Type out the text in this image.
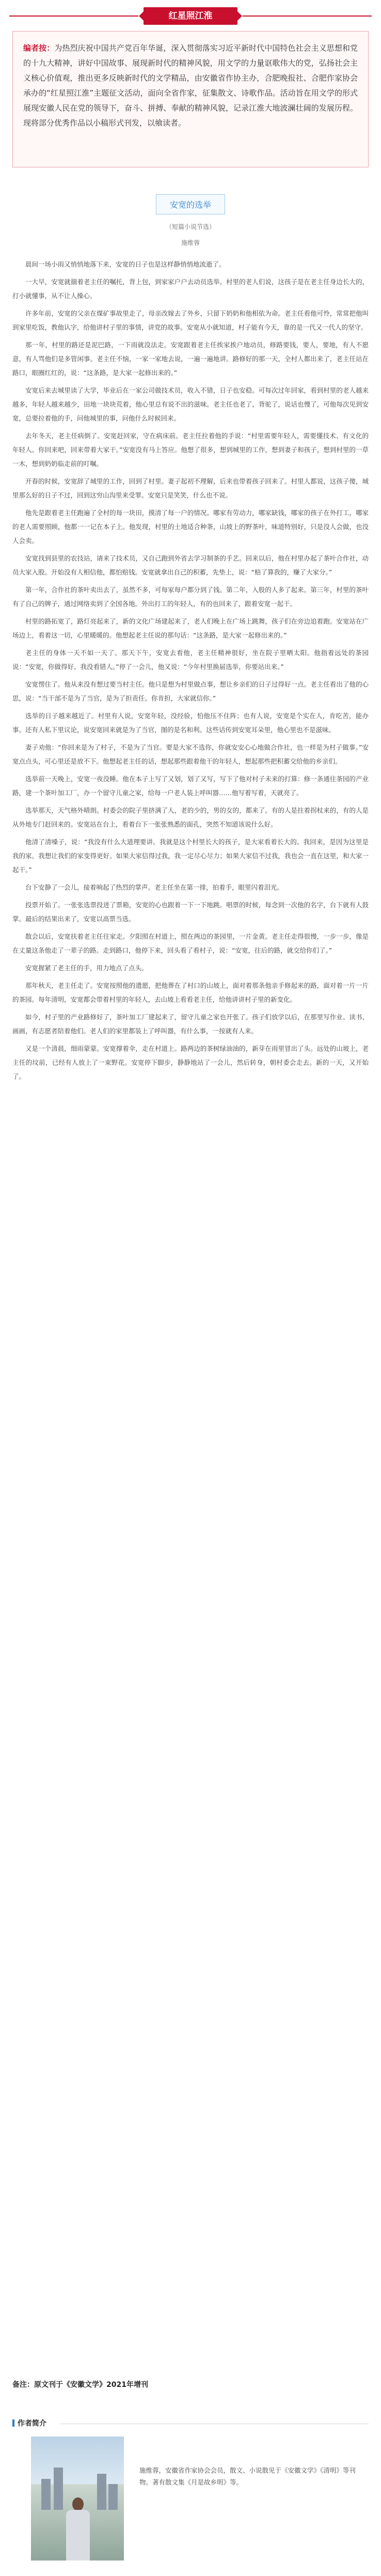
红星照江淮

编者按：为热烈庆祝中国共产党百年华诞，深入贯彻落实习近平新时代中国特色社会主义思想和党的十九大精神，讲好中国故事、展现新时代的精神风貌，用文学的力量讴歌伟大的党，弘扬社会主义核心价值观，推出更多反映新时代的文学精品，由安徽省作协主办，合肥晚报社、合肥作家协会承办的“红星照江淮”主题征文活动，面向全省作家，征集散文、诗歌作品。活动旨在用文学的形式展现安徽人民在党的领导下，奋斗、拼搏、奉献的精神风貌，记录江淮大地波澜壮阔的发展历程。现将部分优秀作品以小稿形式刊发，以飨读者。

安宽的选举
（短篇小说节选）
施维蓉

晨间一场小雨又悄悄地落下来，安宽的日子也是这样静悄悄地流逝了。

一大早，安宽就揣着老主任的嘱托，背上包，到家家户户去动员选举。村里的老人们说，这孩子是在老主任身边长大的，打小就懂事，从不让人操心。

许多年前，安宽的父亲在煤矿事故里走了，母亲改嫁去了外乡，只留下奶奶和他相依为命。老主任看他可怜，常常把他叫到家里吃饭，教他认字，给他讲村子里的事情，讲党的故事。安宽从小就知道，村子能有今天，靠的是一代又一代人的坚守。

那一年，村里的路还是泥巴路，一下雨就没法走。安宽跟着老主任挨家挨户地动员，修路要钱，要人，要地，有人不愿意，有人骂他们是多管闲事。老主任不恼，一家一家地去说，一遍一遍地讲。路修好的那一天，全村人都出来了，老主任站在路口，眼圈红红的，说：“这条路，是大家一起修出来的。”

安宽后来去城里读了大学，毕业后在一家公司做技术员，收入不错，日子也安稳。可每次过年回家，看到村里的老人越来越多，年轻人越来越少，田地一块块荒着，他心里总有说不出的滋味。老主任也老了，背驼了，说话也慢了，可他每次见到安宽，总要拉着他的手，问他城里的事，问他什么时候回来。

去年冬天，老主任病倒了。安宽赶回家，守在病床前。老主任拉着他的手说：“村里需要年轻人，需要懂技术、有文化的年轻人。你回来吧，回来带着大家干。”安宽没有马上答应。他想了很多，想到城里的工作，想到妻子和孩子，想到村里的一草一木，想到奶奶临走前的叮嘱。

开春的时候，安宽辞了城里的工作，回到了村里。妻子起初不理解，后来也带着孩子回来了。村里人都说，这孩子傻，城里那么好的日子不过，回到这穷山沟里来受罪。安宽只是笑笑，什么也不说。

他先是跟着老主任跑遍了全村的每一块田，摸清了每一户的情况。哪家有劳动力，哪家缺钱，哪家的孩子在外打工，哪家的老人需要照顾，他都一一记在本子上。他发现，村里的土地适合种茶，山坡上的野茶叶，味道特别好，只是没人会做，也没人会卖。

安宽找到县里的农技站，请来了技术员，又自己跑到外省去学习制茶的手艺。回来以后，他在村里办起了茶叶合作社，动员大家入股。开始没有人相信他，都怕赔钱。安宽就拿出自己的积蓄，先垫上，说：“赔了算我的，赚了大家分。”

第一年，合作社的茶叶卖出去了，虽然不多，可每家每户都分到了钱。第二年，入股的人多了起来。第三年，村里的茶叶有了自己的牌子，通过网络卖到了全国各地。外出打工的年轻人，有的也回来了，跟着安宽一起干。

村里的路拓宽了，路灯亮起来了，新的文化广场建起来了，老人们晚上在广场上跳舞，孩子们在旁边追着跑。安宽站在广场边上，看着这一切，心里暖暖的。他想起老主任说的那句话：“这条路，是大家一起修出来的。”

老主任的身体一天不如一天了。那天下午，安宽去看他，老主任精神很好，坐在院子里晒太阳。他指着远处的茶园说：“安宽，你做得好。我没看错人。”停了一会儿，他又说：“今年村里换届选举，你要站出来。”

安宽愣住了。他从来没有想过要当村主任。他只是想为村里做点事，想让乡亲们的日子过得好一点。老主任看出了他的心思，说：“当干部不是为了当官，是为了担责任。你肯担，大家就信你。”

选举的日子越来越近了。村里有人说，安宽年轻，没经验，怕他压不住阵；也有人说，安宽是个实在人，肯吃苦，能办事。还有人私下里议论，说安宽回来就是为了当官，图的是名和利。这些话传到安宽耳朵里，他心里也不是滋味。

妻子劝他：“你回来是为了村子，不是为了当官。要是大家不选你，你就安安心心地做合作社，也一样是为村子做事。”安宽点点头，可心里还是放不下。他想起老主任的话，想起那些跟着他干的年轻人，想起那些把积蓄交给他的乡亲们。

选举前一天晚上，安宽一夜没睡。他在本子上写了又划，划了又写，写下了他对村子未来的打算：修一条通往茶园的产业路，建一个茶叶加工厂，办一个留守儿童之家，给每一户老人装上呼叫器……他写着写着，天就亮了。

选举那天，天气格外晴朗。村委会的院子里挤满了人，老的少的，男的女的，都来了。有的人是拄着拐杖来的，有的人是从外地专门赶回来的。安宽站在台上，看着台下一张张熟悉的面孔，突然不知道该说什么好。

他清了清嗓子，说：“我没有什么大道理要讲。我就是这个村里长大的孩子，是大家看着长大的。我回来，是因为这里是我的家。我想让我们的家变得更好。如果大家信得过我，我一定尽心尽力；如果大家信不过我，我也会一直在这里，和大家一起干。”

台下安静了一会儿，接着响起了热烈的掌声。老主任坐在第一排，拍着手，眼里闪着泪光。

投票开始了。一张张选票投进了票箱，安宽的心也跟着一下一下地跳。唱票的时候，每念到一次他的名字，台下就有人鼓掌。最后的结果出来了，安宽以高票当选。

散会以后，安宽扶着老主任往家走。夕阳照在村道上，照在两边的茶园里，一片金黄。老主任走得很慢，一步一步，像是在丈量这条他走了一辈子的路。走到路口，他停下来，回头看了看村子，说：“安宽，往后的路，就交给你们了。”

安宽握紧了老主任的手，用力地点了点头。

那年秋天，老主任走了。安宽按照他的遗愿，把他葬在了村口的山坡上，面对着那条他亲手修起来的路，面对着一片一片的茶园。每年清明，安宽都会带着村里的年轻人，去山坡上看看老主任，给他讲讲村子里的新变化。

如今，村子里的产业路修好了，茶叶加工厂建起来了，留守儿童之家也开张了。孩子们放学以后，在那里写作业、读书、画画，有志愿者陪着他们。老人们的家里都装上了呼叫器，有什么事，一按就有人来。

又是一个清晨，细雨蒙蒙。安宽撑着伞，走在村道上。路两边的茶树绿油油的，新芽在雨里冒出了头。远处的山坡上，老主任的坟前，已经有人放上了一束野花。安宽停下脚步，静静地站了一会儿，然后转身，朝村委会走去。新的一天，又开始了。

备注：原文刊于《安徽文学》2021年增刊
作者简介
施维蓉，安徽省作家协会会员，散文、小说散见于《安徽文学》《清明》等刊物。著有散文集《月是故乡明》等。
